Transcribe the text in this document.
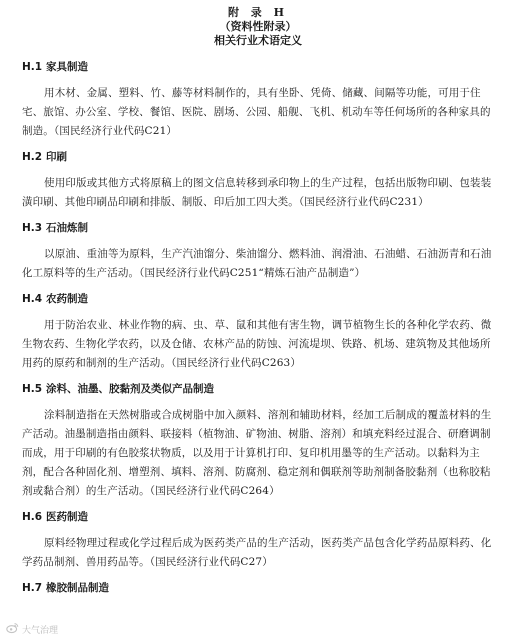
附 录 H
（资料性附录）
相关行业术语定义
H.1 家具制造

用木材、金属、塑料、竹、藤等材料制作的，具有坐卧、凭倚、储藏、间隔等功能，可用于住宅、旅馆、办公室、学校、餐馆、医院、剧场、公园、船舰、飞机、机动车等任何场所的各种家具的制造。（国民经济行业代码C21）

H.2 印刷

使用印版或其他方式将原稿上的图文信息转移到承印物上的生产过程，包括出版物印刷、包装装潢印刷、其他印刷品印刷和排版、制版、印后加工四大类。（国民经济行业代码C231）

H.3 石油炼制

以原油、重油等为原料，生产汽油馏分、柴油馏分、燃料油、润滑油、石油蜡、石油沥青和石油化工原料等的生产活动。（国民经济行业代码C251“精炼石油产品制造”）

H.4 农药制造

用于防治农业、林业作物的病、虫、草、鼠和其他有害生物，调节植物生长的各种化学农药、微生物农药、生物化学农药，以及仓储、农林产品的防蚀、河流堤坝、铁路、机场、建筑物及其他场所用药的原药和制剂的生产活动。（国民经济行业代码C263）

H.5 涂料、油墨、胶黏剂及类似产品制造

涂料制造指在天然树脂或合成树脂中加入颜料、溶剂和辅助材料，经加工后制成的覆盖材料的生产活动。油墨制造指由颜料、联接料（植物油、矿物油、树脂、溶剂）和填充料经过混合、研磨调制而成，用于印刷的有色胶浆状物质，以及用于计算机打印、复印机用墨等的生产活动。以黏料为主剂，配合各种固化剂、增塑剂、填料、溶剂、防腐剂、稳定剂和偶联剂等助剂制备胶黏剂（也称胶粘剂或黏合剂）的生产活动。（国民经济行业代码C264）

H.6 医药制造

原料经物理过程或化学过程后成为医药类产品的生产活动，医药类产品包含化学药品原料药、化学药品制剂、兽用药品等。（国民经济行业代码C27）

H.7 橡胶制品制造
大气治理
